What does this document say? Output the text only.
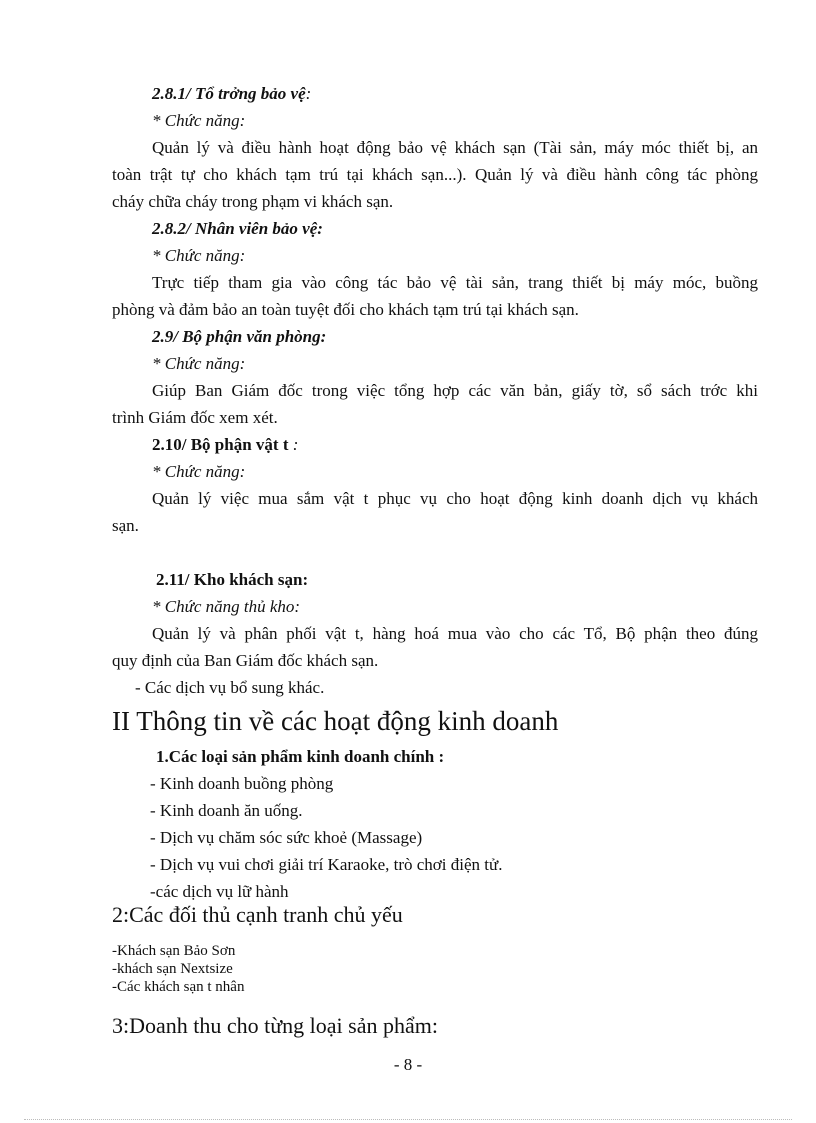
2.8.1/ Tổ trởng bảo vệ:
* Chức năng:
Quản lý và điều hành hoạt động bảo vệ khách sạn (Tài sản, máy móc thiết bị, an
toàn trật tự cho khách tạm trú tại khách sạn...). Quản lý và điều hành công tác phòng
cháy chữa cháy trong phạm vi khách sạn.
2.8.2/ Nhân viên bảo vệ:
* Chức năng:
Trực tiếp tham gia vào công tác bảo vệ tài sản, trang thiết bị máy móc, buồng
phòng và đảm bảo an toàn tuyệt đối cho khách tạm trú tại khách sạn.
2.9/ Bộ phận văn phòng:
* Chức năng:
Giúp Ban Giám đốc trong việc tổng hợp các văn bản, giấy tờ, sổ sách trớc khi
trình Giám đốc xem xét.
2.10/ Bộ phận vật t :
* Chức năng:
Quản lý việc mua sắm vật t phục vụ cho hoạt động kinh doanh dịch vụ khách
sạn.
2.11/ Kho khách sạn:
* Chức năng thủ kho:
Quản lý và phân phối vật t, hàng hoá mua vào cho các Tổ, Bộ phận theo đúng
quy định của Ban Giám đốc khách sạn.
- Các dịch vụ bổ sung khác.
II Thông tin về các hoạt động kinh doanh
1.Các loại sản phẩm kinh doanh chính :
- Kinh doanh buồng phòng
- Kinh doanh ăn uống.
- Dịch vụ chăm sóc sức khoẻ (Massage)
- Dịch vụ vui chơi giải trí Karaoke, trò chơi điện tử.
-các dịch vụ lữ hành
2:Các đối thủ cạnh tranh chủ yếu
-Khách sạn Bảo Sơn
-khách sạn Nextsize
-Các khách sạn t nhân
3:Doanh thu cho từng loại sản phẩm:
- 8 -
